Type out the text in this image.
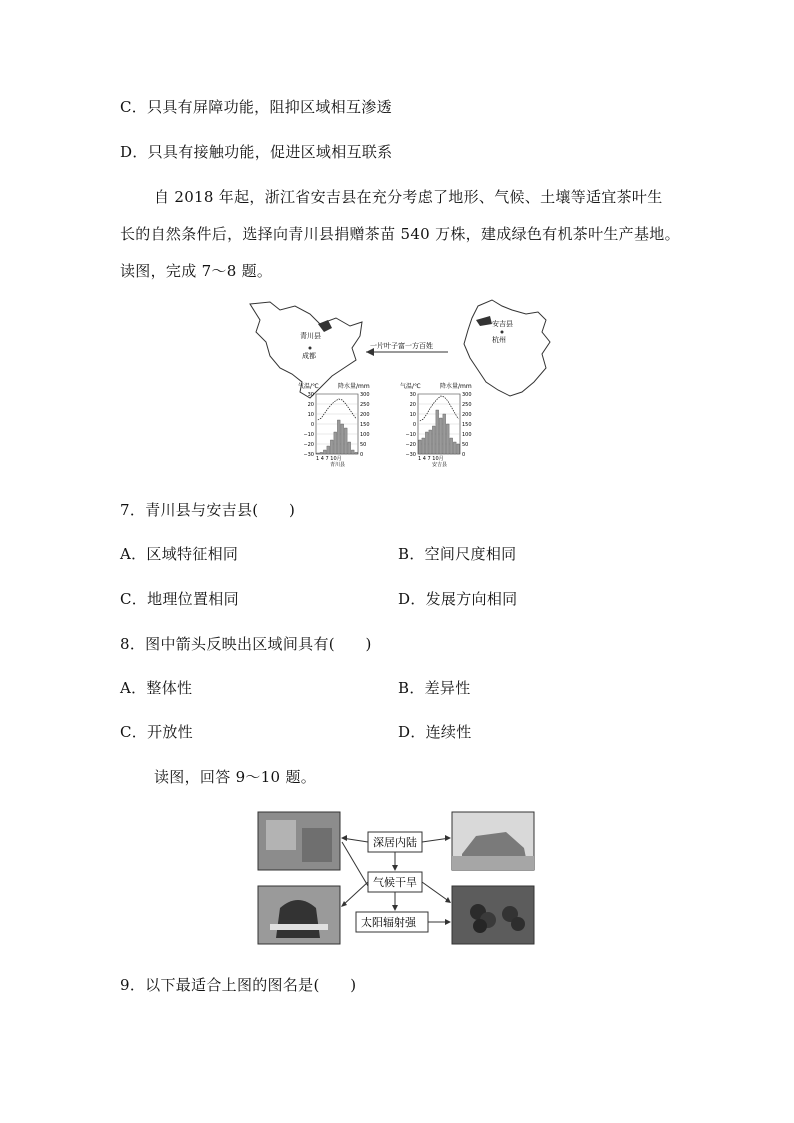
C．只具有屏障功能，阻抑区域相互渗透
D．只具有接触功能，促进区域相互联系
自 2018 年起，浙江省安吉县在充分考虑了地形、气候、土壤等适宜茶叶生
长的自然条件后，选择向青川县捐赠茶苗 540 万株，建成绿色有机茶叶生产基地。
读图，完成 7～8 题。
青川县
成都
安吉县
杭州
一片叶子富一方百姓
气温/℃	降水量/mm
30
20
10
0
−10
−20
−30
300
250
200
150
100
50
0
1 4 7 10月
青川县
气温/℃	降水量/mm
30
20
10
0
−10
−20
−30
300
250
200
150
100
50
0
1 4 7 10月
安吉县
7．青川县与安吉县(　　)
A．区域特征相同	B．空间尺度相同
C．地理位置相同	D．发展方向相同
8．图中箭头反映出区域间具有(　　)
A．整体性	B．差异性
C．开放性	D．连续性
读图，回答 9～10 题。
深居内陆
气候干旱
太阳辐射强
9．以下最适合上图的图名是(　　)
